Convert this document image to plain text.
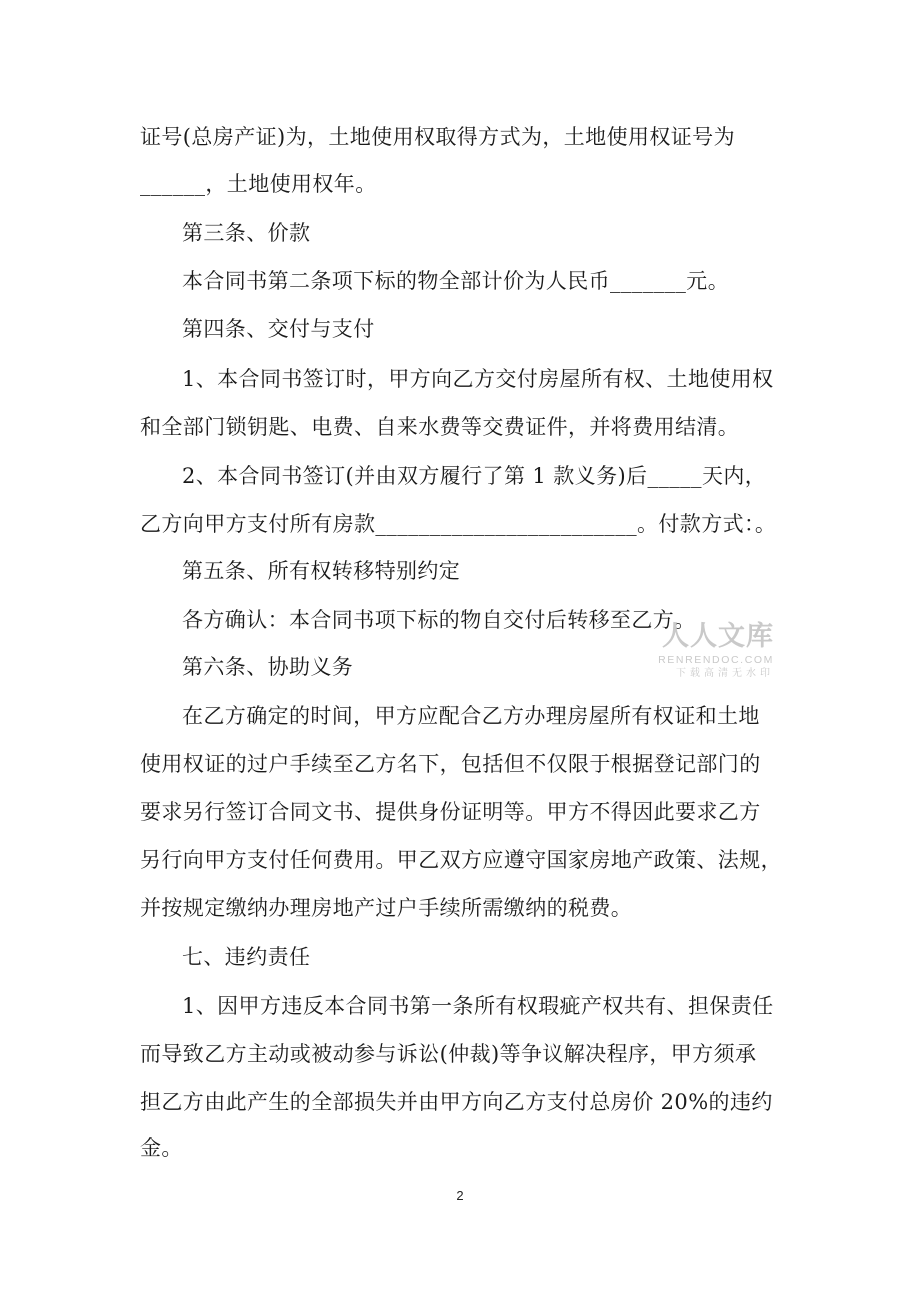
证号(总房产证)为，土地使用权取得方式为，土地使用权证号为
______，土地使用权年。
第三条、价款
本合同书第二条项下标的物全部计价为人民币_______元。
第四条、交付与支付
1、本合同书签订时，甲方向乙方交付房屋所有权、土地使用权
和全部门锁钥匙、电费、自来水费等交费证件，并将费用结清。
2、本合同书签订(并由双方履行了第 1 款义务)后_____天内，
乙方向甲方支付所有房款________________________。付款方式：。
第五条、所有权转移特别约定
各方确认：本合同书项下标的物自交付后转移至乙方。
第六条、协助义务
在乙方确定的时间，甲方应配合乙方办理房屋所有权证和土地
使用权证的过户手续至乙方名下，包括但不仅限于根据登记部门的
要求另行签订合同文书、提供身份证明等。甲方不得因此要求乙方
另行向甲方支付任何费用。甲乙双方应遵守国家房地产政策、法规，
并按规定缴纳办理房地产过户手续所需缴纳的税费。
七、违约责任
1、因甲方违反本合同书第一条所有权瑕疵产权共有、担保责任
而导致乙方主动或被动参与诉讼(仲裁)等争议解决程序，甲方须承
担乙方由此产生的全部损失并由甲方向乙方支付总房价 20%的违约
金。
人人文库
RENRENDOC.COM
下载高清无水印
2
